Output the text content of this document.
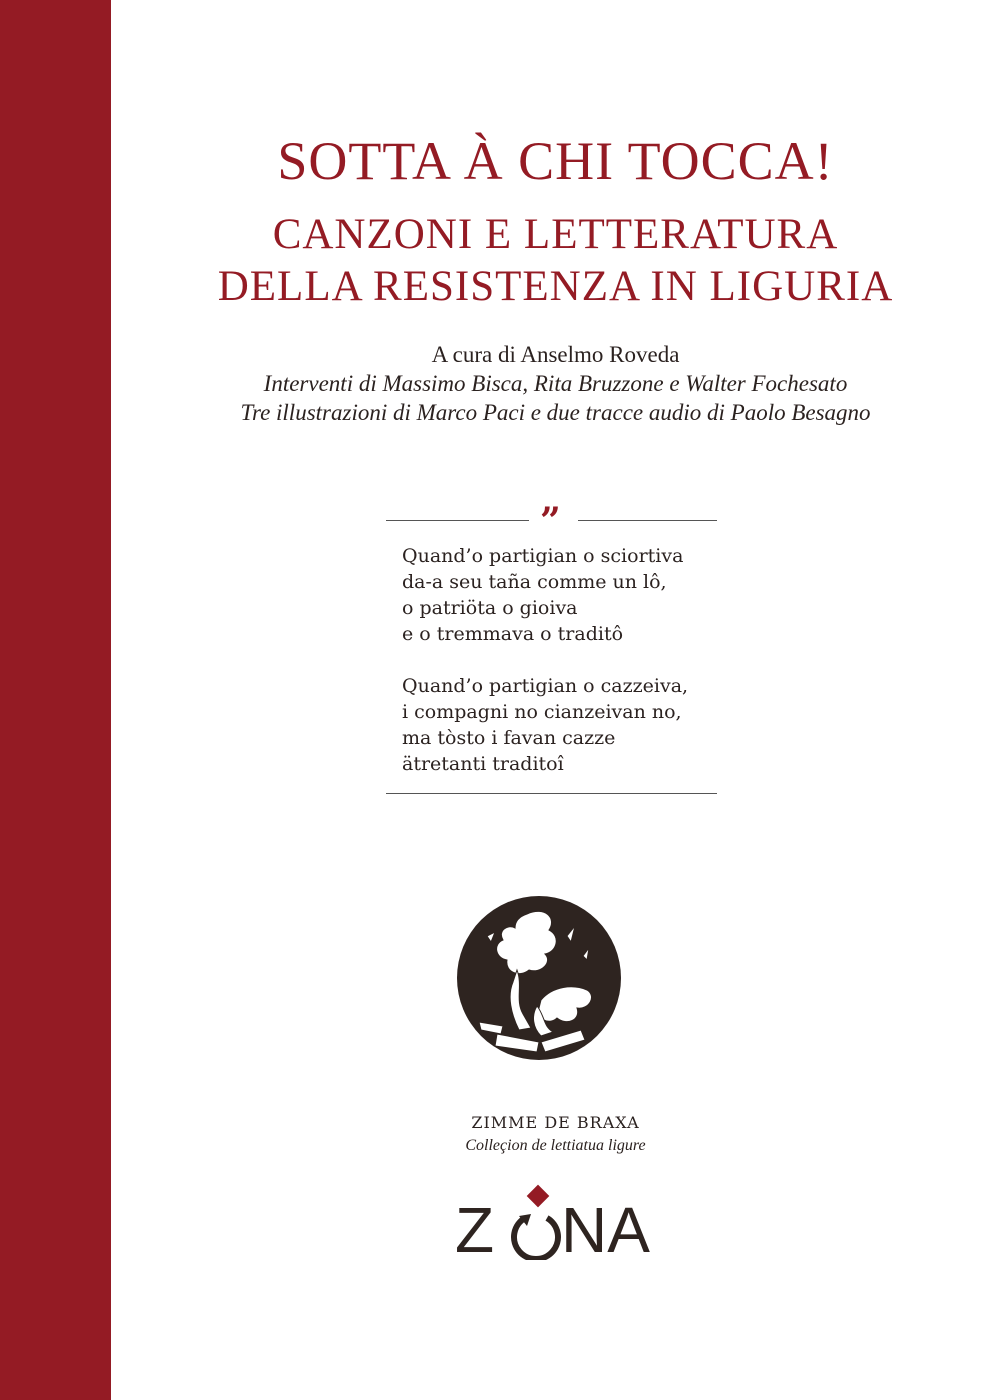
SOTTA À CHI TOCCA!
CANZONI E LETTERATURA
DELLA RESISTENZA IN LIGURIA
A cura di Anselmo Roveda
Interventi di Massimo Bisca, Rita Bruzzone e Walter Fochesato
Tre illustrazioni di Marco Paci e due tracce audio di Paolo Besagno
”
Quand’o partigian o sciortiva
da-a seu taña comme un lô,
o patriöta o gioiva
e o tremmava o traditô
Quand’o partigian o cazzeiva,
i compagni no cianzeivan no,
ma tòsto i favan cazze
ätretanti traditoî
ZIMME DE BRAXA
Colleçion de lettiatua ligure
Z NA
